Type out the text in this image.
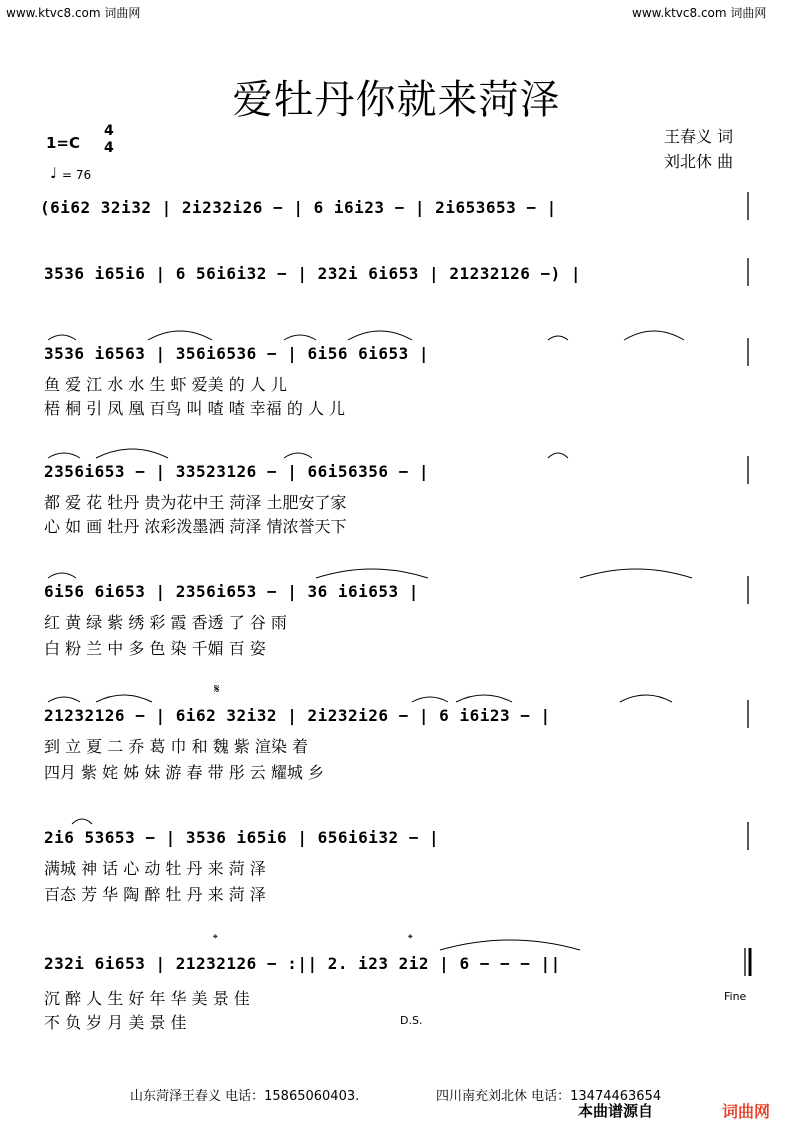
www.ktvc8.com 词曲网	www.ktvc8.com 词曲网
爱牡丹你就来菏泽
1=C
4
4
♩ = 76
王春义 词
刘北休 曲
(6i62 32i32 | 2i232i26 − | 6 i6i23 − | 2i653653 − |
3536 i65i6 | 6 56i6i32 − | 232i 6i653 | 21232126 −) |
3536 i6563 | 356i6536 − | 6i56 6i653 |
鱼 爱 江 水 水 生 虾 爱美 的 人 儿
梧 桐 引 凤 凰 百鸟 叫 喳 喳 幸福 的 人 儿
2356i653 − | 33523126 − | 66i56356 − |
都 爱 花 牡丹 贵为花中王 菏泽 土肥安了家
心 如 画 牡丹 浓彩泼墨洒 菏泽 情浓誉天下
6i56 6i653 | 2356i653 − | 36 i6i653 |
红 黄 绿 紫 绣 彩 霞 香透 了 谷 雨
白 粉 兰 中 多 色 染 千媚 百 姿
𝄋
21232126 − | 6i62 32i32 | 2i232i26 − | 6 i6i23 − |
到 立 夏 二 乔 葛 巾 和 魏 紫 渲染 着
四月 紫 姹 姊 妹 游 春 带 彤 云 耀城 乡
2i6 53653 − | 3536 i65i6 | 656i6i32 − |
满城 神 话 心 动 牡 丹 来 菏 泽
百态 芳 华 陶 醉 牡 丹 来 菏 泽
𝄌	𝄌
232i 6i653 | 21232126 − :|| 2. i23 2i2 | 6 − − − ||
沉 醉 人 生 好 年 华 美 景 佳	Fine
不 负 岁 月 美 景 佳	D.S.
山东菏泽王春义 电话：15865060403.	四川南充刘北休 电话：13474463654
本曲谱源自	词曲网
